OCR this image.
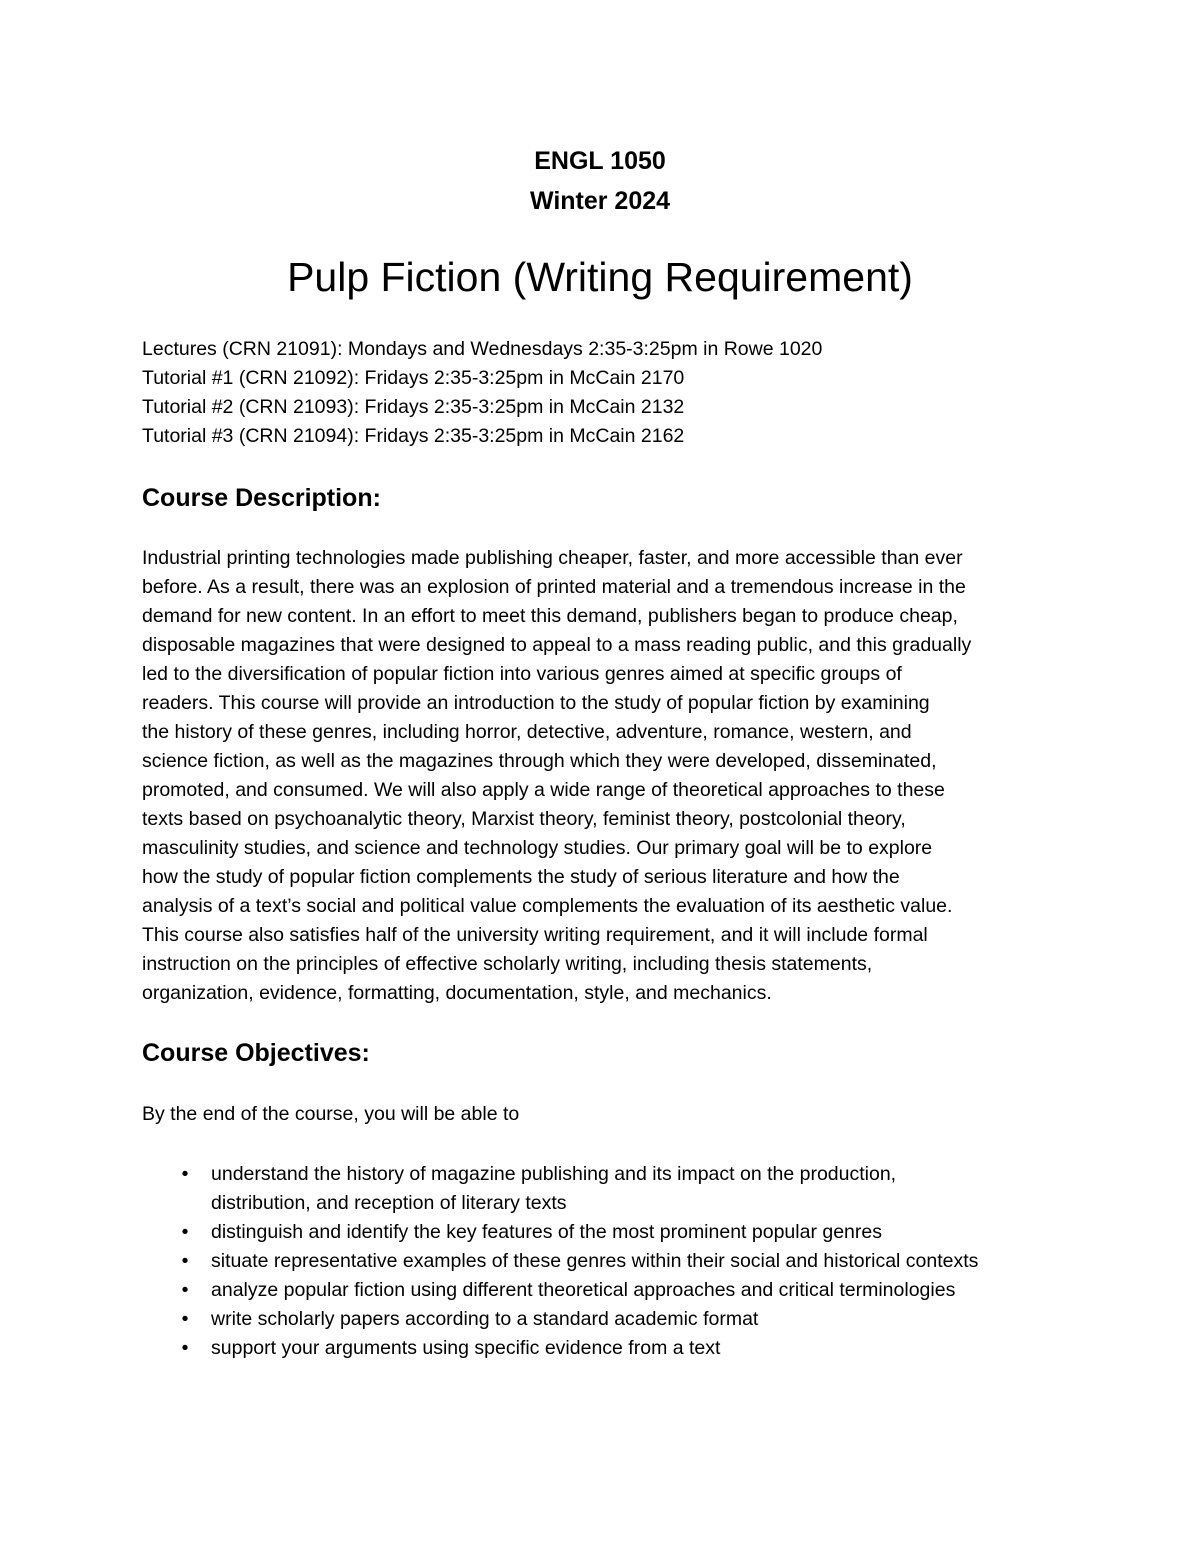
ENGL 1050
Winter 2024
Pulp Fiction (Writing Requirement)
Lectures (CRN 21091): Mondays and Wednesdays 2:35-3:25pm in Rowe 1020
Tutorial #1 (CRN 21092): Fridays 2:35-3:25pm in McCain 2170
Tutorial #2 (CRN 21093): Fridays 2:35-3:25pm in McCain 2132
Tutorial #3 (CRN 21094): Fridays 2:35-3:25pm in McCain 2162
Course Description:
Industrial printing technologies made publishing cheaper, faster, and more accessible than ever
before. As a result, there was an explosion of printed material and a tremendous increase in the
demand for new content. In an effort to meet this demand, publishers began to produce cheap,
disposable magazines that were designed to appeal to a mass reading public, and this gradually
led to the diversification of popular fiction into various genres aimed at specific groups of
readers. This course will provide an introduction to the study of popular fiction by examining
the history of these genres, including horror, detective, adventure, romance, western, and
science fiction, as well as the magazines through which they were developed, disseminated,
promoted, and consumed. We will also apply a wide range of theoretical approaches to these
texts based on psychoanalytic theory, Marxist theory, feminist theory, postcolonial theory,
masculinity studies, and science and technology studies. Our primary goal will be to explore
how the study of popular fiction complements the study of serious literature and how the
analysis of a text’s social and political value complements the evaluation of its aesthetic value.
This course also satisfies half of the university writing requirement, and it will include formal
instruction on the principles of effective scholarly writing, including thesis statements,
organization, evidence, formatting, documentation, style, and mechanics.
Course Objectives:
By the end of the course, you will be able to
•	understand the history of magazine publishing and its impact on the production,
distribution, and reception of literary texts
•	distinguish and identify the key features of the most prominent popular genres
•	situate representative examples of these genres within their social and historical contexts
•	analyze popular fiction using different theoretical approaches and critical terminologies
•	write scholarly papers according to a standard academic format
•	support your arguments using specific evidence from a text
